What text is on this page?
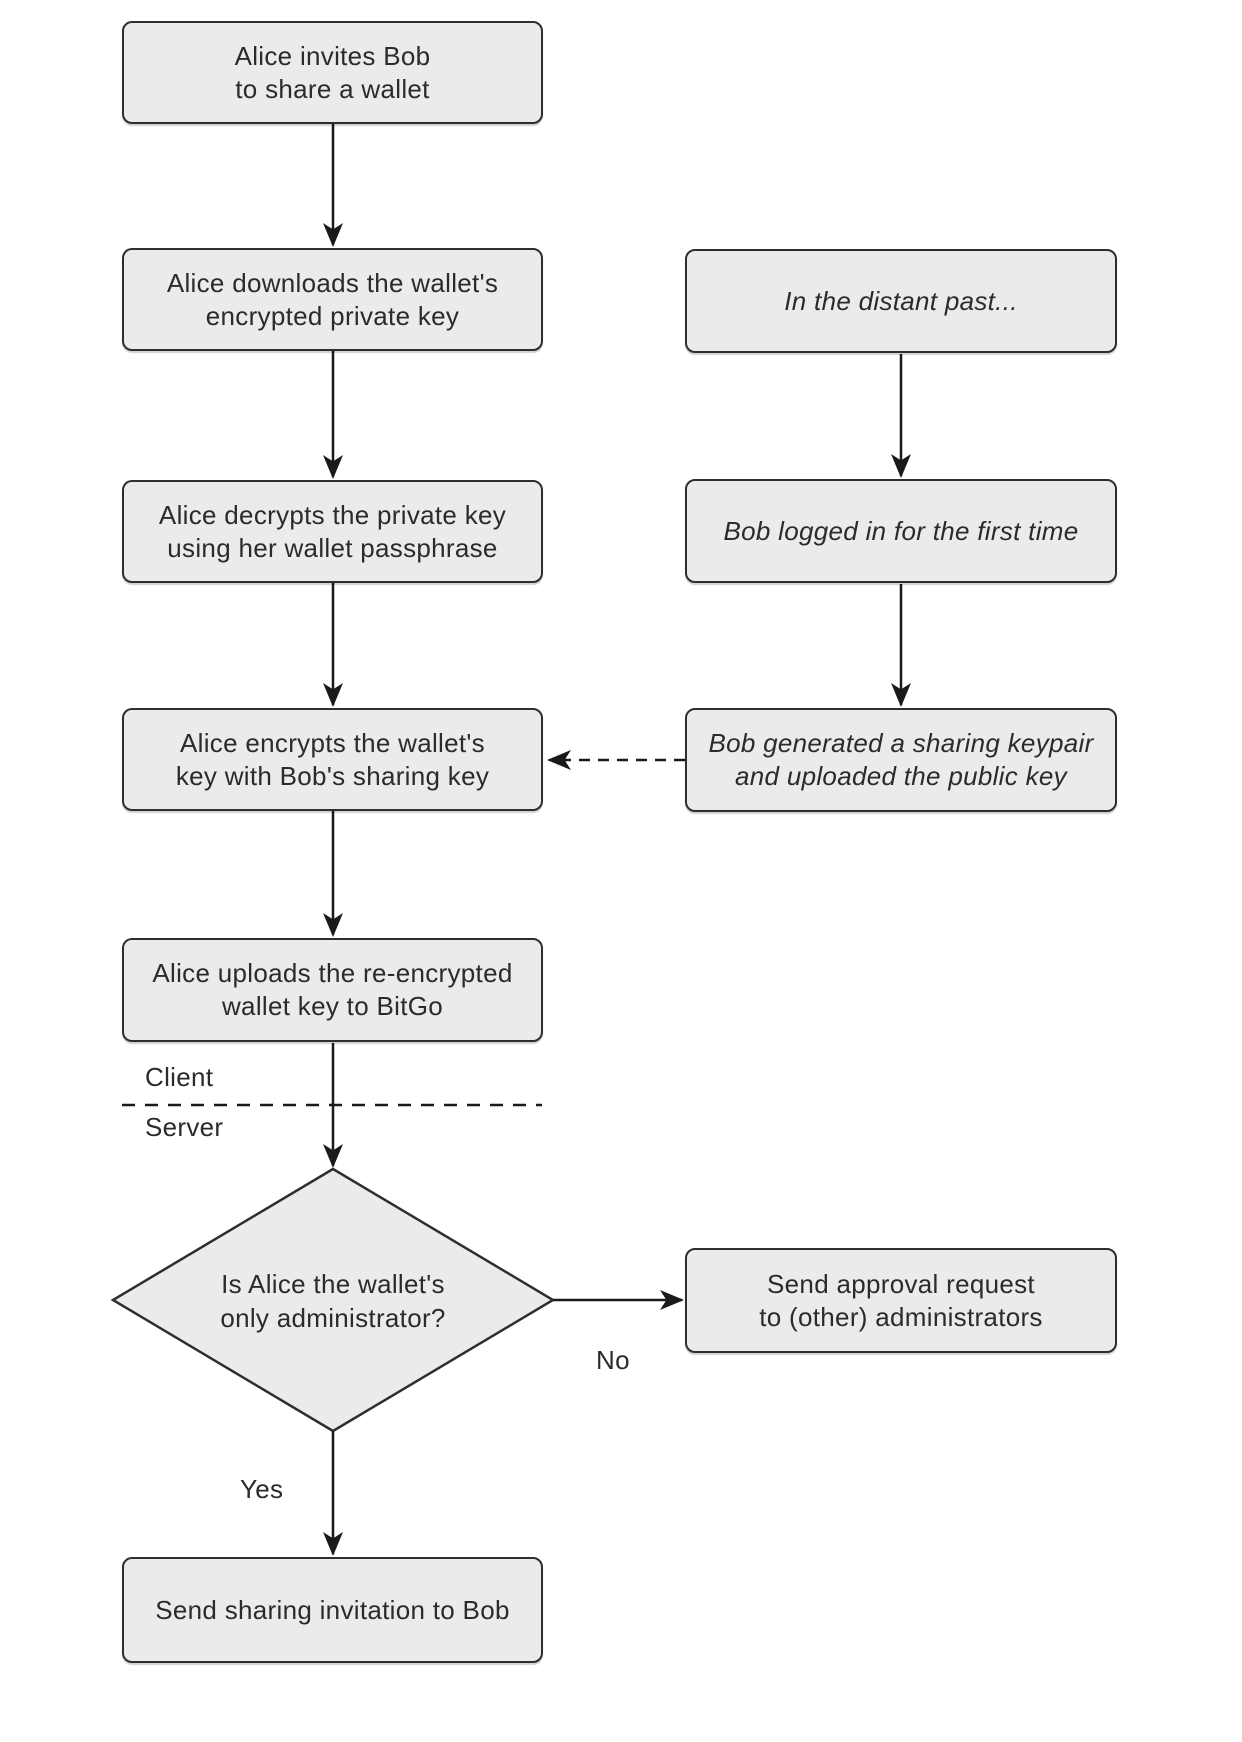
Alice invites Bob
to share a wallet
Alice downloads the wallet's
encrypted private key
Alice decrypts the private key
using her wallet passphrase
Alice encrypts the wallet's
key with Bob's sharing key
Alice uploads the re-encrypted
wallet key to BitGo
Send sharing invitation to Bob
In the distant past...
Bob logged in for the first time
Bob generated a sharing keypair
and uploaded the public key
Send approval request
to (other) administrators
Is Alice the wallet's
only administrator?
Client
Server
No
Yes
